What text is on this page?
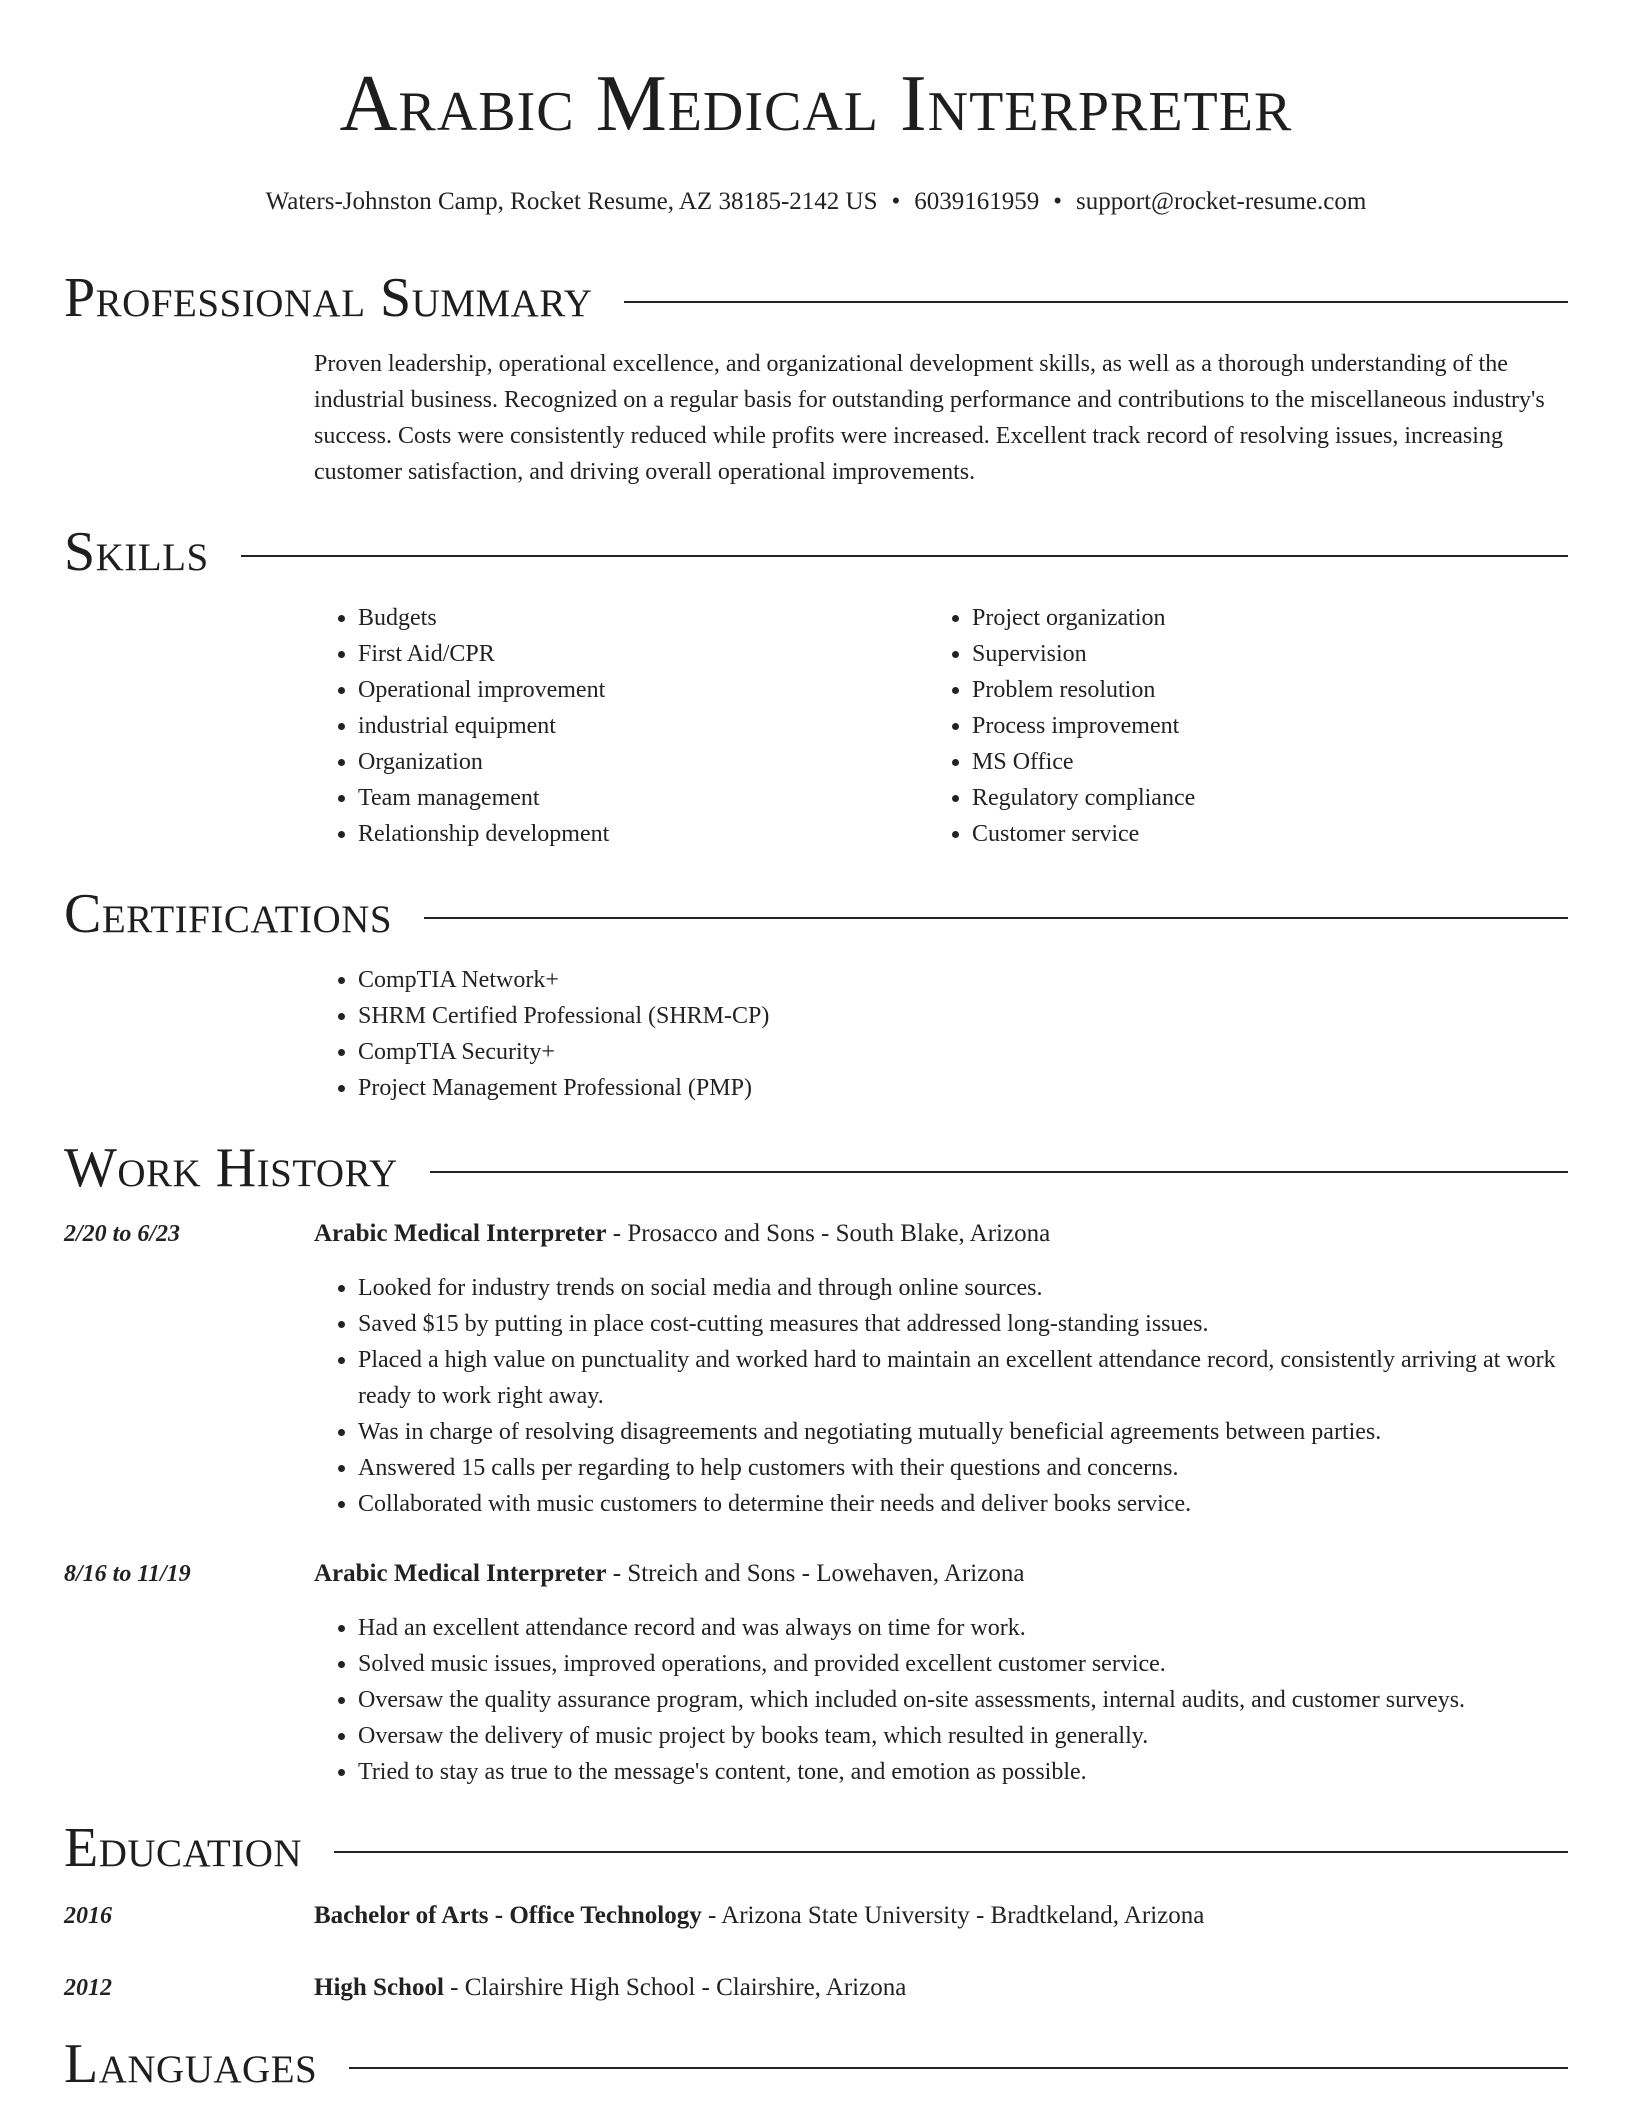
Arabic Medical Interpreter
Waters-Johnston Camp, Rocket Resume, AZ 38185-2142 US • 6039161959 • support@rocket-resume.com
Professional Summary
Proven leadership, operational excellence, and organizational development skills, as well as a thorough understanding of the industrial business. Recognized on a regular basis for outstanding performance and contributions to the miscellaneous industry's success. Costs were consistently reduced while profits were increased. Excellent track record of resolving issues, increasing customer satisfaction, and driving overall operational improvements.
Skills
• Budgets
• First Aid/CPR
• Operational improvement
• industrial equipment
• Organization
• Team management
• Relationship development
• Project organization
• Supervision
• Problem resolution
• Process improvement
• MS Office
• Regulatory compliance
• Customer service
Certifications
• CompTIA Network+
• SHRM Certified Professional (SHRM-CP)
• CompTIA Security+
• Project Management Professional (PMP)
Work History
2/20 to 6/23	Arabic Medical Interpreter - Prosacco and Sons - South Blake, Arizona
• Looked for industry trends on social media and through online sources.
• Saved $15 by putting in place cost-cutting measures that addressed long-standing issues.
• Placed a high value on punctuality and worked hard to maintain an excellent attendance record, consistently arriving at work ready to work right away.
• Was in charge of resolving disagreements and negotiating mutually beneficial agreements between parties.
• Answered 15 calls per regarding to help customers with their questions and concerns.
• Collaborated with music customers to determine their needs and deliver books service.
8/16 to 11/19	Arabic Medical Interpreter - Streich and Sons - Lowehaven, Arizona
• Had an excellent attendance record and was always on time for work.
• Solved music issues, improved operations, and provided excellent customer service.
• Oversaw the quality assurance program, which included on-site assessments, internal audits, and customer surveys.
• Oversaw the delivery of music project by books team, which resulted in generally.
• Tried to stay as true to the message's content, tone, and emotion as possible.
Education
2016	Bachelor of Arts - Office Technology - Arizona State University - Bradtkeland, Arizona
2012	High School - Clairshire High School - Clairshire, Arizona
Languages
